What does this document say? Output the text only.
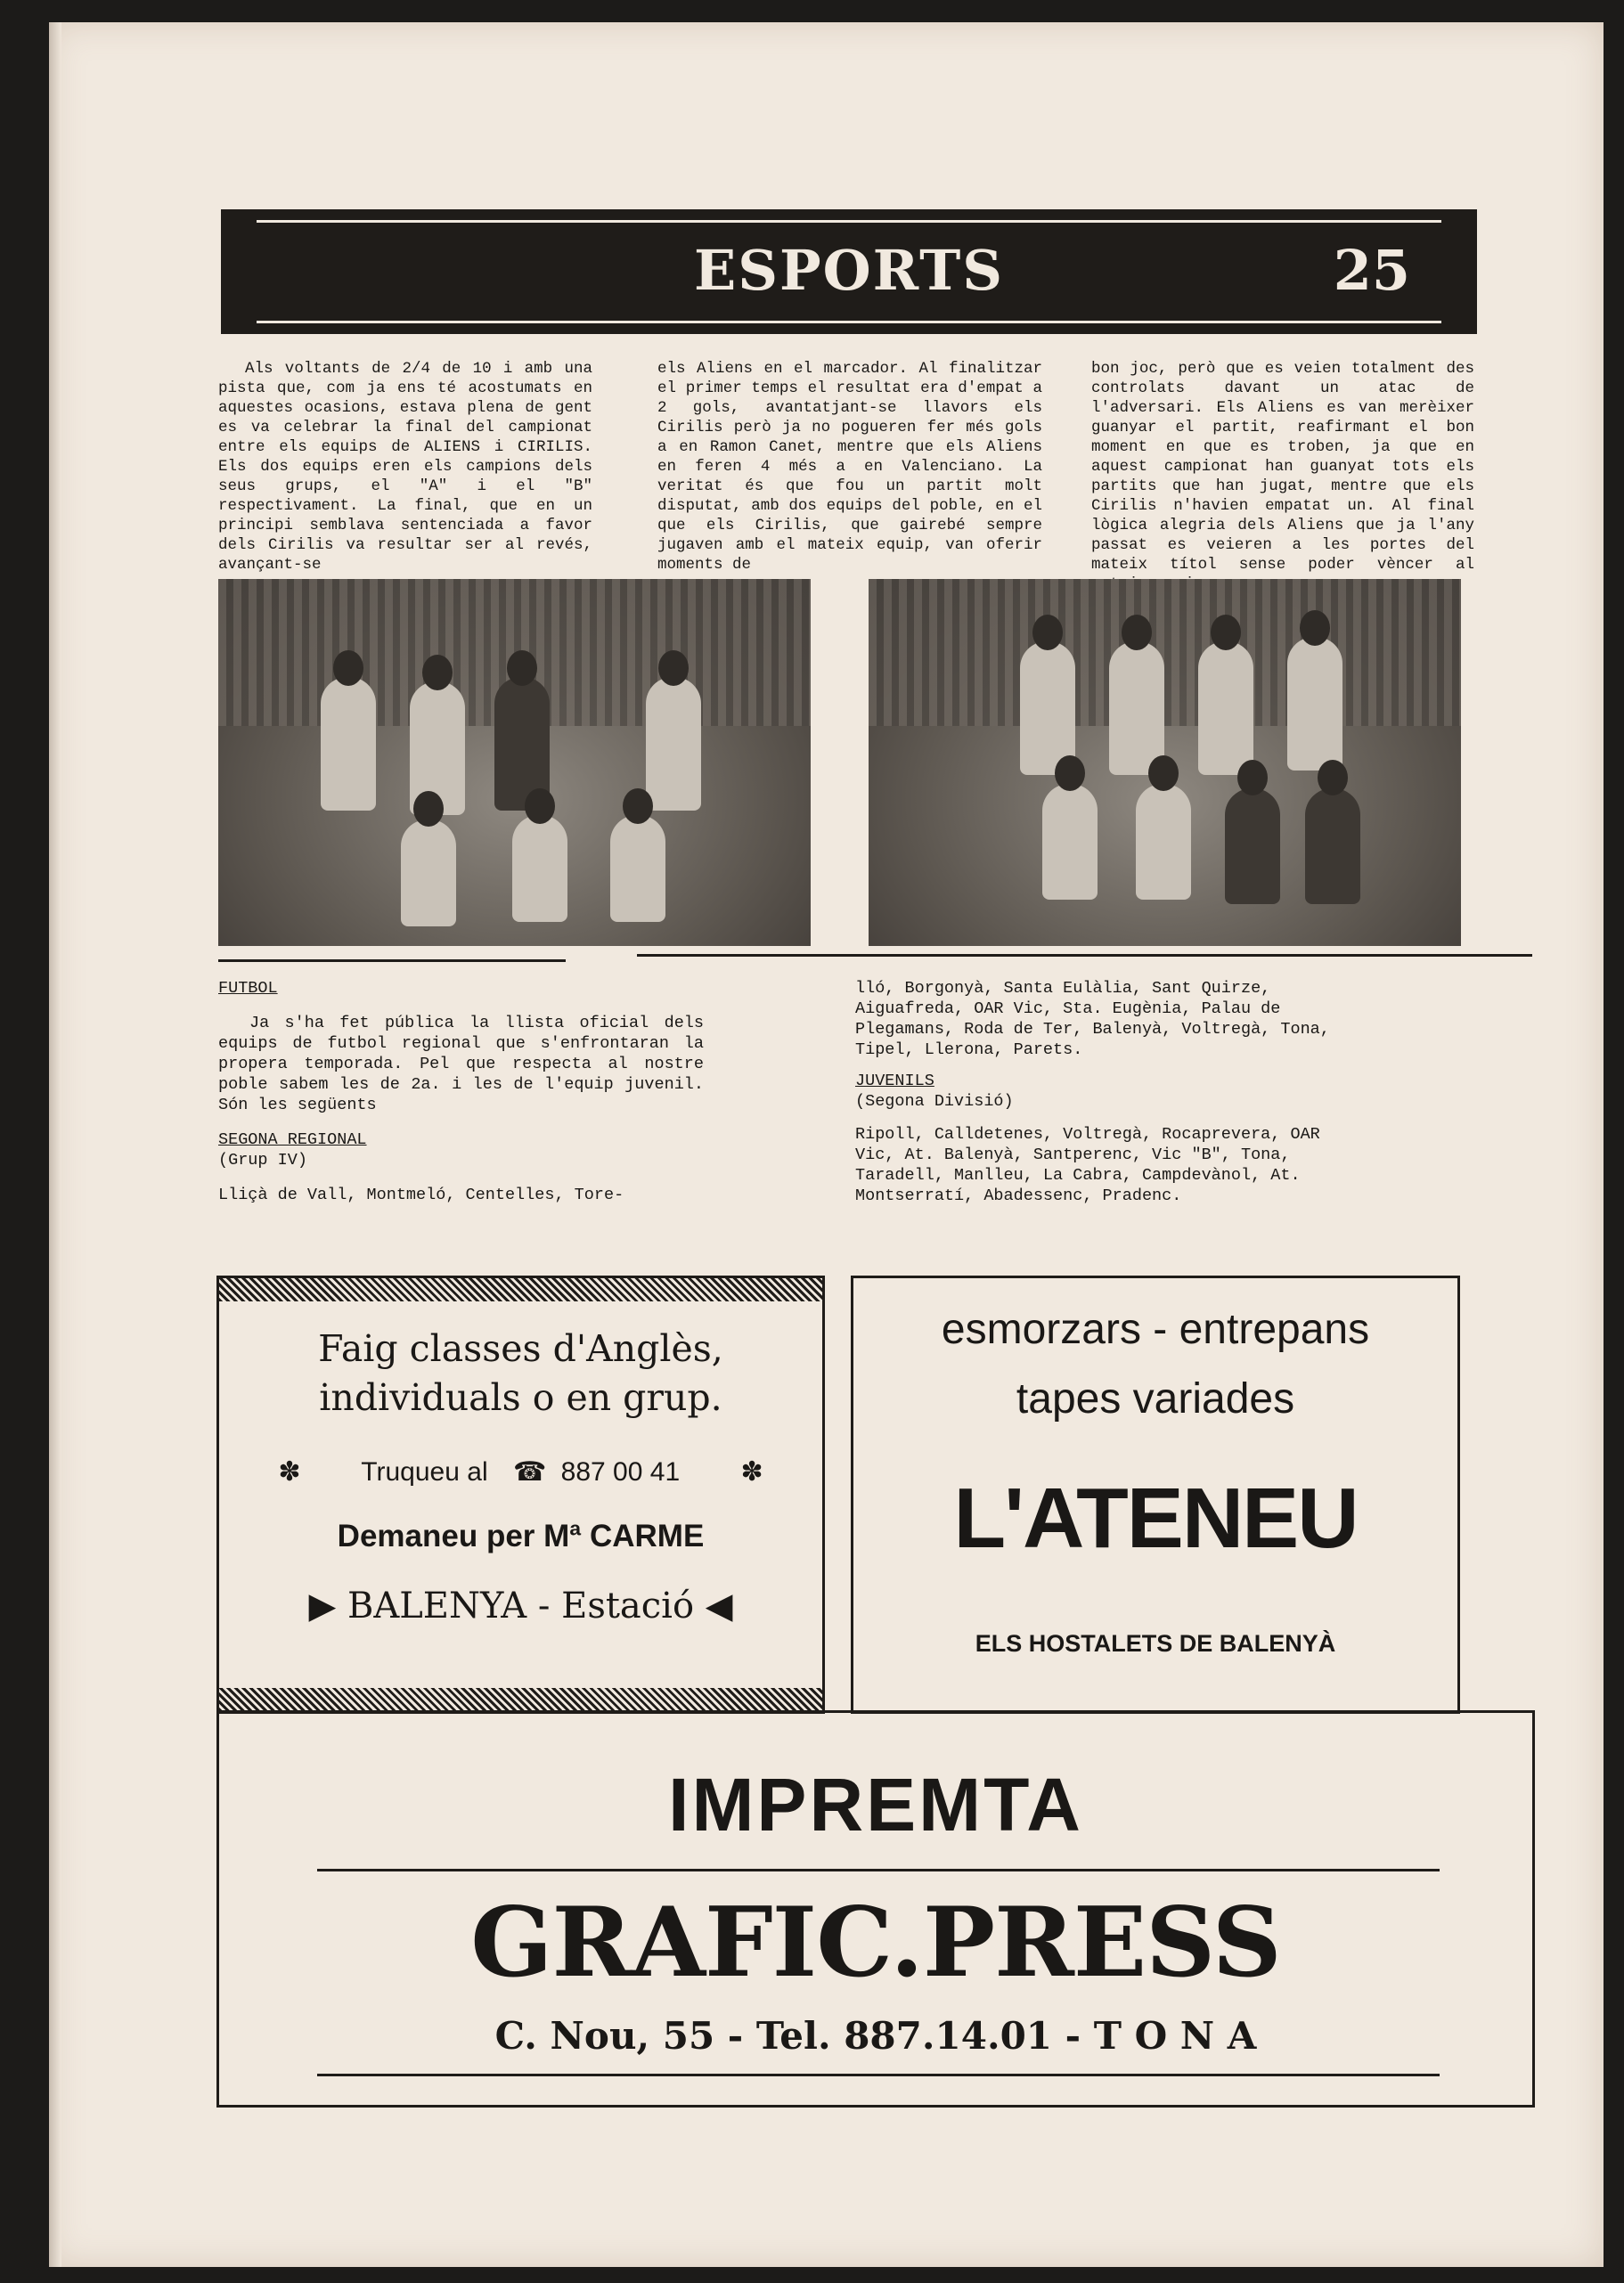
ESPORTS	25

Als voltants de 2/4 de 10 i amb una pista que, com ja ens té acostumats en aquestes ocasions, estava plena de gent es va celebrar la final del campionat entre els equips de ALIENS i CIRILIS. Els dos equips eren els campions dels seus grups, el "A" i el "B" respectivament. La final, que en un principi semblava sentenciada a favor dels Cirilis va resultar ser al revés, avançant-se

els Aliens en el marcador. Al finalitzar el primer temps el resultat era d'empat a 2 gols, avantatjant-se llavors els Cirilis però ja no pogueren fer més gols a en Ramon Canet, mentre que els Aliens en feren 4 més a en Valenciano. La veritat és que fou un partit molt disputat, amb dos equips del poble, en el que els Cirilis, que gairebé sempre jugaven amb el mateix equip, van oferir moments de

bon joc, però que es veien totalment des controlats davant un atac de l'adversari. Els Aliens es van merèixer guanyar el partit, reafirmant el bon moment en que es troben, ja que en aquest campionat han guanyat tots els partits que han jugat, mentre que els Cirilis n'havien empatat un. Al final lògica alegria dels Aliens que ja l'any passat es veieren a les portes del mateix títol sense poder vèncer al

FUTBOL

Ja s'ha fet pública la llista oficial dels equips de futbol regional que s'enfrontaran la propera temporada. Pel que respecta al nostre poble sabem les de 2a. i les de l'equip juvenil. Són les següents

SEGONA REGIONAL

(Grup IV)

Lliçà de Vall, Montmeló, Centelles, Tore-

lló, Borgonyà, Santa Eulàlia, Sant Quirze, Aiguafreda, OAR Vic, Sta. Eugènia, Palau de Plegamans, Roda de Ter, Balenyà, Voltregà, Tona, Tipel, Llerona, Parets.

JUVENILS

(Segona Divisió)

Ripoll, Calldetenes, Voltregà, Rocaprevera, OAR Vic, At. Balenyà, Santperenc, Vic "B", Tona, Taradell, Manlleu, La Cabra, Campdevànol, At. Montserratí, Abadessenc, Pradenc.

Faig classes d'Anglès,
individuals o en grup.
✽ Truqueu al ☎ 887 00 41 ✽
Demaneu per Mª CARME
▶ BALENYA - Estació ◀
esmorzars - entrepans
tapes variades
L'ATENEU
ELS HOSTALETS DE BALENYÀ
IMPREMTA
GRAFIC.PRESS
C. Nou, 55 - Tel. 887.14.01 - T O N A
